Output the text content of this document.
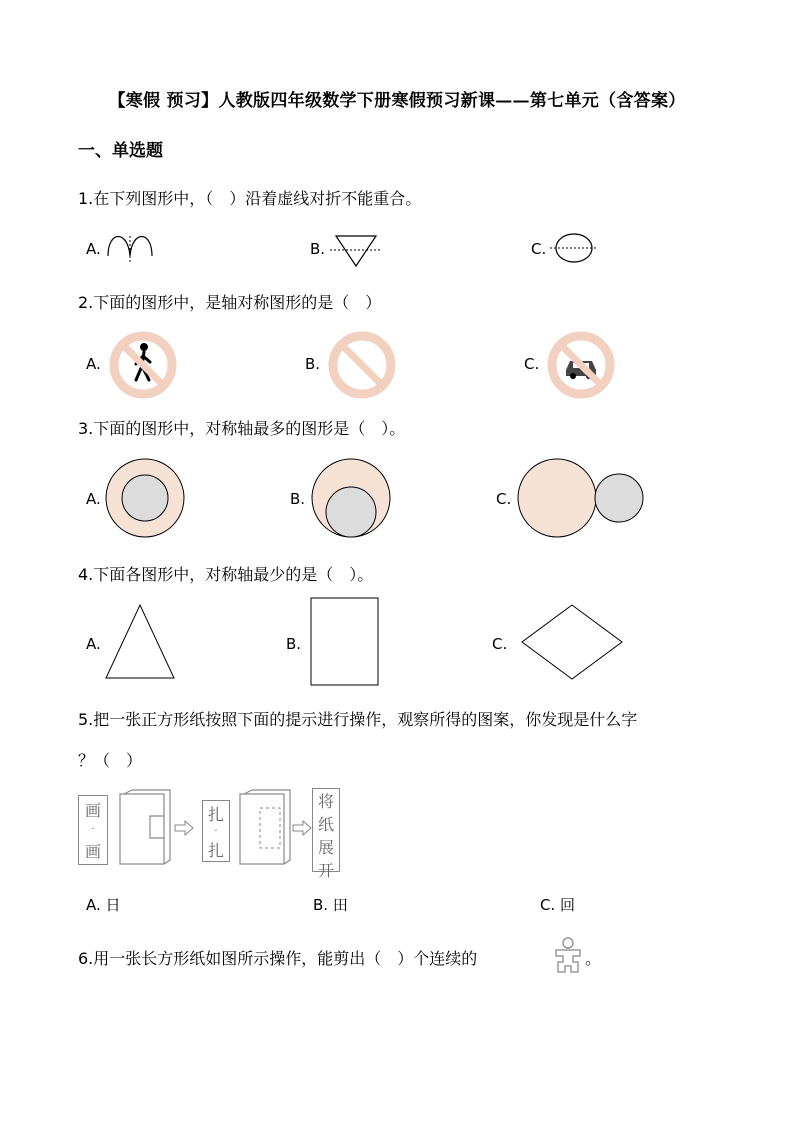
【寒假 预习】人教版四年级数学下册寒假预习新课——第七单元（含答案）
一、单选题
1.在下列图形中，（　）沿着虚线对折不能重合。
A.	B.	C.
2.下面的图形中，是轴对称图形的是（　）
A.	B.	C.
3.下面的图形中，对称轴最多的图形是（　）。
A.	B.	C.
4.下面各图形中，对称轴最少的是（　）。
A.	B.	C.
5.把一张正方形纸按照下面的提示进行操作，观察所得的图案，你发现是什么字
？（　）
画
·
画
扎
·
扎
将
纸
展
开
A. 日	B. 田	C. 回
6.用一张长方形纸如图所示操作，能剪出（　）个连续的	。
